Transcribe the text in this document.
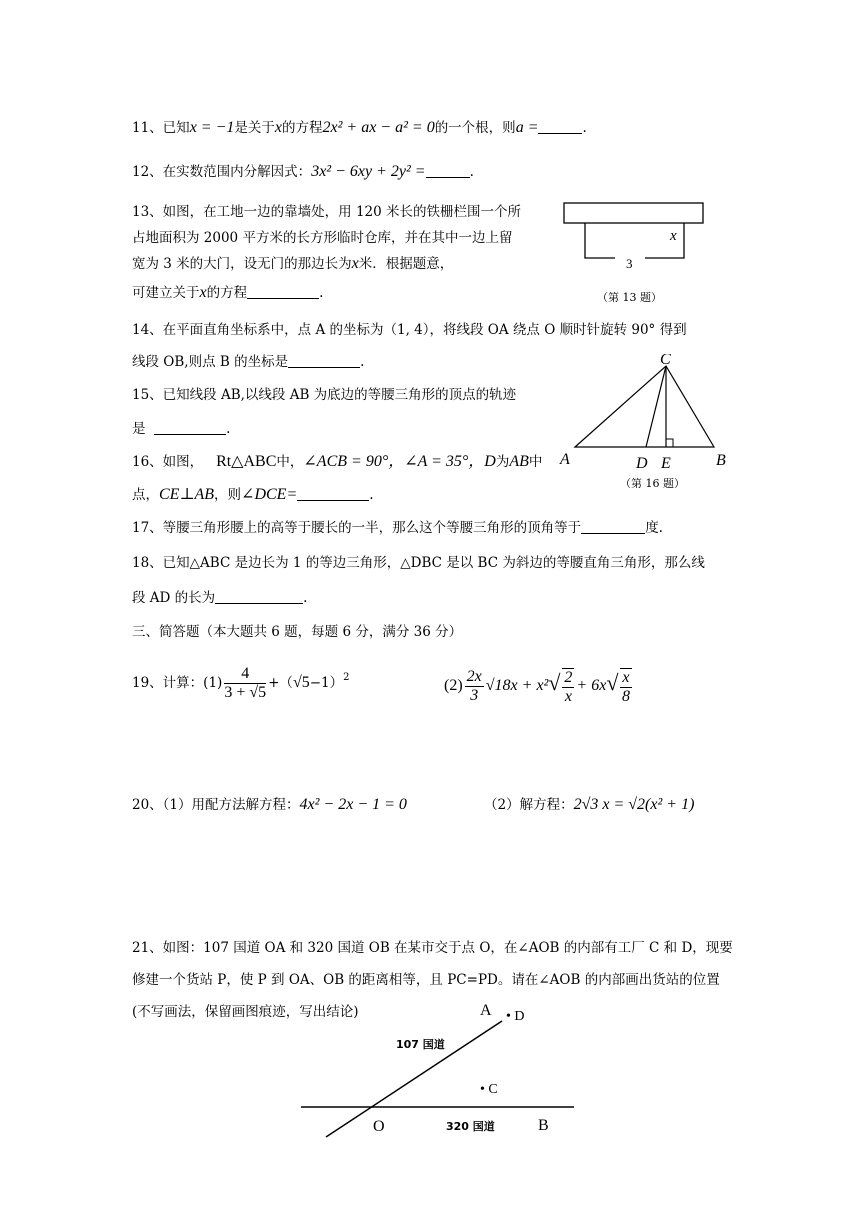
11、已知x = −1是关于x的方程2x² + ax − a² = 0的一个根，则a =	.
12、在实数范围内分解因式：3x² − 6xy + 2y² =	.
13、如图，在工地一边的靠墙处，用 120 米长的铁栅栏围一个所
占地面积为 2000 平方米的长方形临时仓库，并在其中一边上留
宽为 3 米的大门，设无门的那边长为x米．根据题意，
可建立关于x的方程	.
x
3
（第 13 题）
14、在平面直角坐标系中，点 A 的坐标为（1, 4），将线段 OA 绕点 O 顺时针旋转 90° 得到
线段 OB,则点 B 的坐标是	.
15、已知线段 AB,以线段 AB 为底边的等腰三角形的顶点的轨迹
是	.
16、如图， Rt△ABC中，∠ACB = 90°，∠A = 35°，D为AB中
点，CE⊥AB，则∠DCE=	.
C
A	D E	B
（第 16 题）
17、等腰三角形腰上的高等于腰长的一半，那么这个等腰三角形的顶角等于	度.
18、已知△ABC 是边长为 1 的等边三角形，△DBC 是以 BC 为斜边的等腰直角三角形，那么线
段 AD 的长为	.
三、简答题（本大题共 6 题，每题 6 分，满分 36 分）
19、计算：$(1) \frac{4}{3 + √5} +(√5-1)^2$	$(2) \frac{2x}{3} √18x + x^2√ \frac{2}{x} + 6x√ \frac{x}{8}$
20、（1）用配方法解方程：4x² − 2x − 1 = 0	（2）解方程：2√3 x = √2(x² + 1)
21、如图：107 国道 OA 和 320 国道 OB 在某市交于点 O，在∠AOB 的内部有工厂 C 和 D，现要
修建一个货站 P，使 P 到 OA、OB 的距离相等，且 PC=PD。请在∠AOB 的内部画出货站的位置
(不写画法，保留画图痕迹，写出结论)	A • D
107 国道
• C
O	320 国道	B
